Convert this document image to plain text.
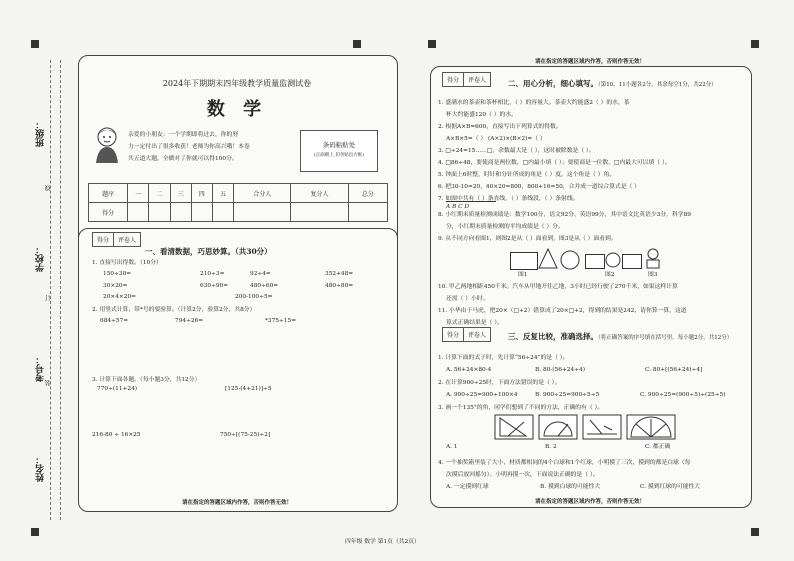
班级：
线
学校：
订
考号：
装
姓名：
2024年下期期末四年级教学质量监测试卷
数 学
亲爱的小朋友：一个学期即将过去，你的努
力一定付出了很多收获！老师为你高兴哦！本卷
共五道大题，全做对了你就可以得100分。
条码粘贴处
(正面朝上,切勿贴出方框)
题序	一	二	三	四	五	合分人	复分人	总分
得分								
得分	评卷人
一、看清数据，巧思妙算。（共30分）
1. 直接写出得数。（10分）
150÷30=	210÷3=	92÷4=	352+48=
30×20=	630÷90=	480÷60=	480÷80=
20×4×20=	200-100÷5=
2. 用竖式计算，带*号的要验算。（计算2分，验算2分，共8分）
684÷57=	794÷26=	*375÷15=
3. 计算下面各题。（每小题3分，共12分）
770÷(11+24)	[125-(4+21)]÷5
216-80 ÷ 16×25	750÷[(75-25)÷2]
请在指定的答题区域内作答，否则作答无效！
请在指定的答题区域内作答，否则作答无效！
得分	评卷人	二、用心分析，细心填写。（第10、11小题各2分，其余每空1分，共22分）
1. 盛满水的茶壶和茶杯相比，（ ）的容量大。茶壶大约能盛2（ ）的水，茶
杯大约能盛120（ ）的水。
2. 根据A×B=600，直接写出下列算式的得数。
A×B×5=（ ） (A×2)×(B×2)=（ ）
3. □÷24=15……□，余数最大是（ ），这时被除数是（ ）。
4. □86÷48，要使商是两位数，□内最小填（ ）；要使商是一位数，□内最大可以填（ ）。
5. 钟面上6时整，时针和分针所成的角是（ ）度，这个角是（ ）角。
6. 把30-10=20，40×20=800，800+16=50，合并成一道综合算式是（ ）
7. 如图中共有（ ）条直线，（ ）条线段，（ ）条射线。
A B C D
8. 小红期末质量检测成绩是：数学100分，语文92分，英语99分，其中语文比英语少3分，科学89
分，小红期末质量检测的平均成绩是（ ）分。
9. 从不同方向看图1，则图2是从（ ）面看到，图3是从（ ）面看到。
图1	图2	图3
10. 甲乙两地相距450千米。汽车从甲地开往乙地，3小时已经行驶了270千米，如果这样计算
还需（ ）小时。
11. 小华由于马虎，把20×（□+2）错算成了20×□+2，得到的结果是242，请你算一算，这道
算式正确结果是（ ）。
得分	评卷人	三、反复比较，准确选择。（将正确答案的序号填在括号里。每小题2分，共12分）
1. 计算下面的式子时，先计算“56÷24”的是（ ）。
A. 56+24×80-4	B. 80-(56+24÷4)	C. 80+[(56+24)÷4]
2. 在计算900÷25时，下面方法错误的是（ ）。
A. 900÷25=900÷100×4	B. 900÷25=900÷5÷5	C. 900÷25=(900÷5)÷(25÷5)
3. 画一个135°的角，同学们想到了不同的方法，正确的有（ ）。
A. 1	B. 2	C. 都正确
4. 一个抽奖箱里装了大小、材质都相同的4个白球和1个红球，小明摸了三次，摸到的都是白球（每
次摸后放回摇匀）。小明再摸一次，下面说法正确的是（ ）。
A. 一定摸到红球	B. 摸到白球的可能性大	C. 摸到红球的可能性大
请在指定的答题区域内作答，否则作答无效！
四年级 数学 第1页（共2页）
